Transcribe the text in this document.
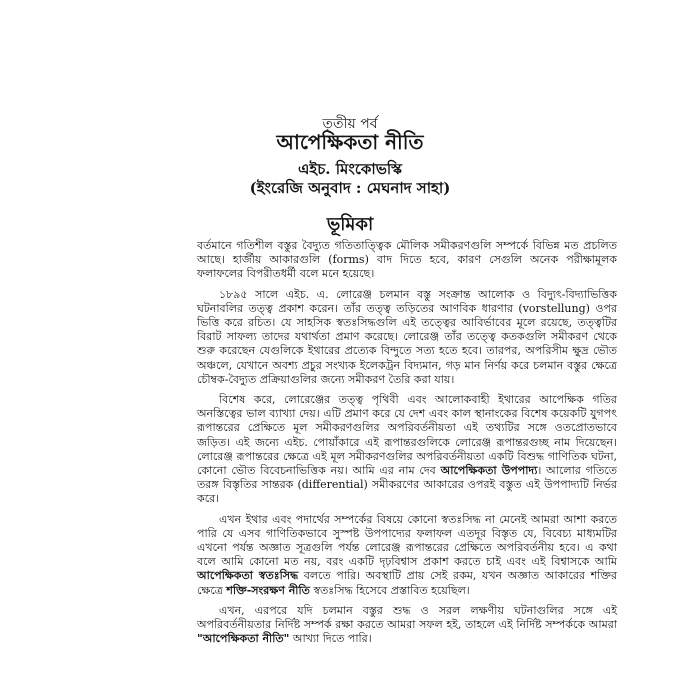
তৃতীয় পর্ব
আপেক্ষিকতা নীতি
এইচ. মিংকোভস্কি
(ইংরেজি অনুবাদ : মেঘনাদ সাহা)
ভূমিকা

বর্তমানে গতিশীল বস্তুর বৈদ্যুত গতিতাত্ত্বিক মৌলিক সমীকরণগুলি সম্পর্কে বিভিন্ন মত প্রচলিত আছে। হার্জীয় আকারগুলি (forms) বাদ দিতে হবে, কারণ সেগুলি অনেক পরীক্ষামূলক ফলাফলের বিপরীতধর্মী বলে মনে হয়েছে।

১৮৯৫ সালে এইচ. এ. লোরেঞ্জ চলমান বস্তু সংক্রান্ত আলোক ও বিদ্যুৎ-বিদ্যাভিত্তিক ঘটনাবলির তত্ত্ব প্রকাশ করেন। তাঁর তত্ত্ব তড়িতের আণবিক ধারণার (vorstellung) ওপর ভিত্তি করে রচিত। যে সাহসিক স্বতঃসিদ্ধগুলি এই তত্ত্বের আবির্ভাবের মূলে রয়েছে, তত্ত্বটির বিরাট সাফল্য তাদের যথার্থতা প্রমাণ করেছে। লোরেঞ্জ তাঁর তত্ত্বে কতকগুলি সমীকরণ থেকে শুরু করেছেন যেগুলিকে ইথারের প্রত্যেক বিন্দুতে সত্য হতে হবে। তারপর, অপরিসীম ক্ষুদ্র ভৌত অঞ্চলে, যেখানে অবশ্য প্রচুর সংখ্যক ইলেকট্রন বিদ্যমান, গড় মান নির্ণয় করে চলমান বস্তুর ক্ষেত্রে চৌম্বক-বৈদ্যুত প্রক্রিয়াগুলির জন্যে সমীকরণ তৈরি করা যায়।

বিশেষ করে, লোরেঞ্জের তত্ত্ব পৃথিবী এবং আলোকবাহী ইথারের আপেক্ষিক গতির অনস্তিত্বের ভাল ব্যাখ্যা দেয়। এটি প্রমাণ করে যে দেশ এবং কাল স্থানাংকের বিশেষ কয়েকটি যুগপৎ রূপান্তরের প্রেক্ষিতে মূল সমীকরণগুলির অপরিবর্তনীয়তা এই তথ্যটির সঙ্গে ওতপ্রোতভাবে জড়িত। এই জন্যে এইচ. পোয়াঁকারে এই রূপান্তরগুলিকে লোরেঞ্জ রূপান্তরগুচ্ছ নাম দিয়েছেন। লোরেঞ্জ রূপান্তরের ক্ষেত্রে এই মূল সমীকরণগুলির অপরিবর্তনীয়তা একটি বিশুদ্ধ গাণিতিক ঘটনা, কোনো ভৌত বিবেচনাভিত্তিক নয়। আমি এর নাম দেব আপেক্ষিকতা উপপাদ্য। আলোর গতিতে তরঙ্গ বিস্তৃতির সান্তরক (differential) সমীকরণের আকারের ওপরই বস্তুত এই উপপাদ্যটি নির্ভর করে।

এখন ইথার এবং পদার্থের সম্পর্কের বিষয়ে কোনো স্বতঃসিদ্ধ না মেনেই আমরা আশা করতে পারি যে এসব গাণিতিকভাবে সুস্পষ্ট উপপাদ্যের ফলাফল এতদূর বিস্তৃত যে, বিবেচ্য মাধ্যমটির এখনো পর্যন্ত অজ্ঞাত সূত্রগুলি পর্যন্ত লোরেঞ্জ রূপান্তরের প্রেক্ষিতে অপরিবর্তনীয় হবে। এ কথা বলে আমি কোনো মত নয়, বরং একটি দৃঢ়বিশ্বাস প্রকাশ করতে চাই এবং এই বিশ্বাসকে আমি আপেক্ষিকতা স্বতঃসিদ্ধ বলতে পারি। অবস্থাটি প্রায় সেই রকম, যখন অজ্ঞাত আকারের শক্তির ক্ষেত্রে শক্তি-সংরক্ষণ নীতি স্বতঃসিদ্ধ হিসেবে প্রস্তাবিত হয়েছিল।

এখন, এরপরে যদি চলমান বস্তুর শুদ্ধ ও সরল লক্ষণীয় ঘটনাগুলির সঙ্গে এই অপরিবর্তনীয়তার নির্দিষ্ট সম্পর্ক রক্ষা করতে আমরা সফল হই, তাহলে এই নির্দিষ্ট সম্পর্ককে আমরা "আপেক্ষিকতা নীতি" আখ্যা দিতে পারি।
